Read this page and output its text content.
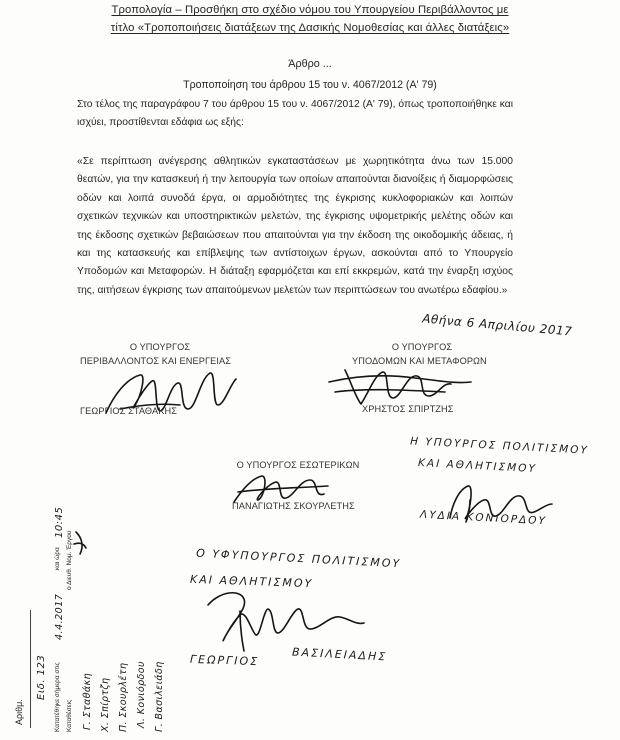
Τροπολογία – Προσθήκη στο σχέδιο νόμου του Υπουργείου Περιβάλλοντος με
τίτλο «Τροποποιήσεις διατάξεων της Δασικής Νομοθεσίας και άλλες διατάξεις»
Άρθρο ...
Τροποποίηση του άρθρου 15 του ν. 4067/2012 (Α' 79)
Στο τέλος της παραγράφου 7 του άρθρου 15 του ν. 4067/2012 (Α' 79), όπως τροποποιήθηκε και ισχύει, προστίθενται εδάφια ως εξής:
«Σε περίπτωση ανέγερσης αθλητικών εγκαταστάσεων με χωρητικότητα άνω των 15.000 θεατών, για την κατασκευή ή την λειτουργία των οποίων απαιτούνται διανοίξεις ή διαμορφώσεις οδών και λοιπά συνοδά έργα, οι αρμοδιότητες της έγκρισης κυκλοφοριακών και λοιπών σχετικών τεχνικών και υποστηρικτικών μελετών, της έγκρισης υψομετρικής μελέτης οδών και της έκδοσης σχετικών βεβαιώσεων που απαιτούνται για την έκδοση της οικοδομικής άδειας, ή και της κατασκευής και επίβλεψης των αντίστοιχων έργων, ασκούνται από το Υπουργείο Υποδομών και Μεταφορών. Η διάταξη εφαρμόζεται και επί εκκρεμών, κατά την έναρξη ισχύος της, αιτήσεων έγκρισης των απαιτούμενων μελετών των περιπτώσεων του ανωτέρω εδαφίου.»
Αθήνα 6 Απριλίου 2017
Ο ΥΠΟΥΡΓΟΣ
ΠΕΡΙΒΑΛΛΟΝΤΟΣ ΚΑΙ ΕΝΕΡΓΕΙΑΣ
ΓΕΩΡΓΙΟΣ ΣΤΑΘΑΚΗΣ
Ο ΥΠΟΥΡΓΟΣ
ΥΠΟΔΟΜΩΝ ΚΑΙ ΜΕΤΑΦΟΡΩΝ
ΧΡΗΣΤΟΣ ΣΠΙΡΤΖΗΣ
Ο ΥΠΟΥΡΓΟΣ ΕΣΩΤΕΡΙΚΩΝ
ΠΑΝΑΓΙΩΤΗΣ ΣΚΟΥΡΛΕΤΗΣ
Η ΥΠΟΥΡΓΟΣ ΠΟΛΙΤΙΣΜΟΥ
ΚΑΙ ΑΘΛΗΤΙΣΜΟΥ
ΛΥΔΙΑ ΚΟΝΙΟΡΔΟΥ
Ο ΥΦΥΠΟΥΡΓΟΣ ΠΟΛΙΤΙΣΜΟΥ
ΚΑΙ ΑΘΛΗΤΙΣΜΟΥ
ΓΕΩΡΓΙΟΣ	ΒΑΣΙΛΕΙΑΔΗΣ
Αριθμ.
Ειδ. 123 Κατατέθηκε σήμερα στις
4.4.2017
και ώρα
10:45
Καταθέσεις
ο Διευθ. Νομ. Έργου
Γ. Σταθάκη Χ. Σπίρτζη Π. Σκουρλέτη Λ. Κονιόρδου Γ. Βασιλειάδη
